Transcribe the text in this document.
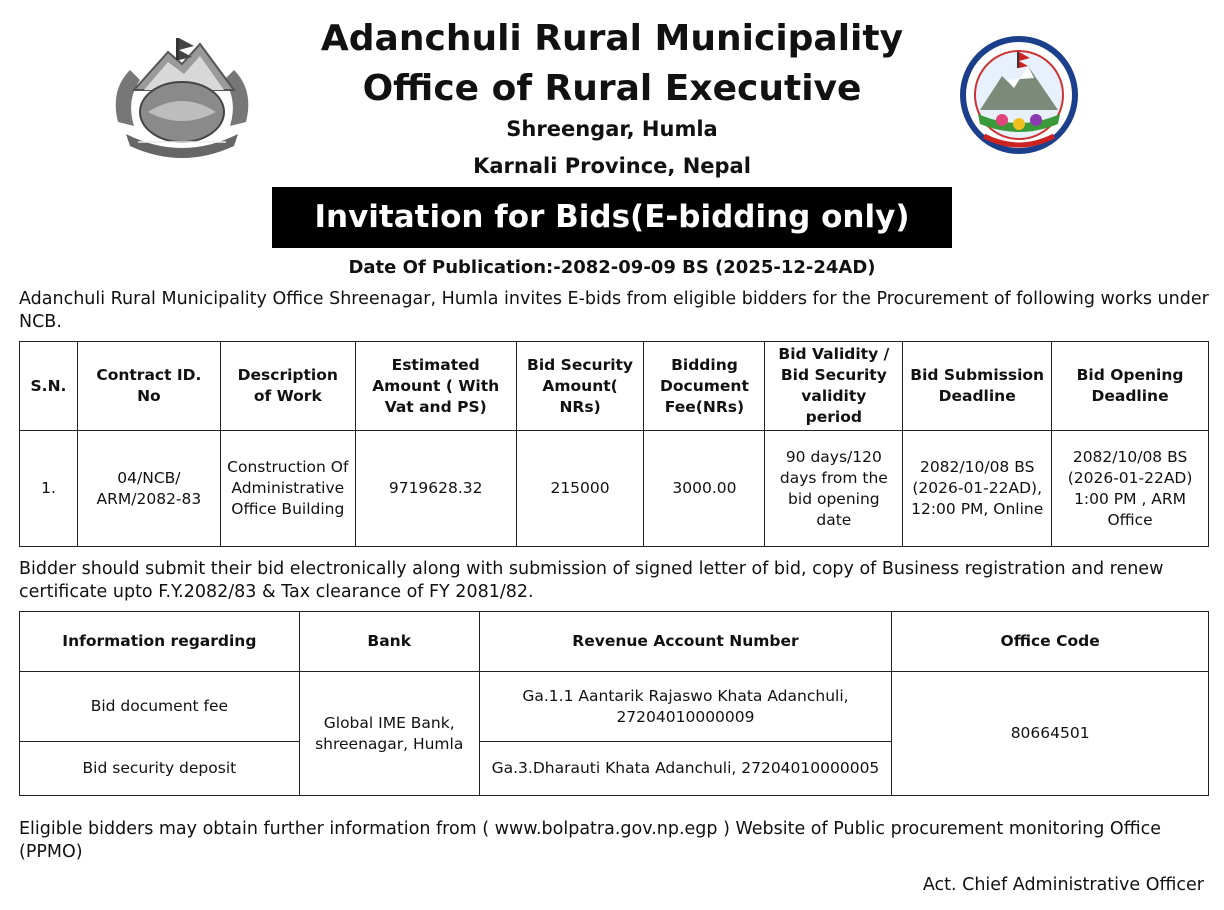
Adanchuli Rural Municipality
Office of Rural Executive
Shreengar, Humla
Karnali Province, Nepal
Invitation for Bids(E-bidding only)
Date Of Publication:-2082-09-09 BS (2025-12-24AD)
Adanchuli Rural Municipality Office Shreenagar, Humla invites E-bids from eligible bidders for the Procurement of following works under NCB.
S.N.	Contract ID. No	Description of Work	Estimated Amount ( With Vat and PS)	Bid Security Amount( NRs)	Bidding Document Fee(NRs)	Bid Validity / Bid Security validity period	Bid Submission Deadline	Bid Opening Deadline
1.	04/NCB/ ARM/2082-83	Construction Of Administrative Office Building	9719628.32	215000	3000.00	90 days/120 days from the bid opening date	2082/10/08 BS (2026-01-22AD), 12:00 PM, Online	2082/10/08 BS (2026-01-22AD) 1:00 PM , ARM Office
Bidder should submit their bid electronically along with submission of signed letter of bid, copy of Business registration and renew certificate upto F.Y.2082/83 & Tax clearance of FY 2081/82.
Information regarding	Bank	Revenue Account Number	Office Code
Bid document fee	Global IME Bank, shreenagar, Humla	Ga.1.1 Aantarik Rajaswo Khata Adanchuli, 27204010000009	80664501
Bid security deposit		Ga.3.Dharauti Khata Adanchuli, 27204010000005	
Eligible bidders may obtain further information from ( www.bolpatra.gov.np.egp ) Website of Public procurement monitoring Office (PPMO)
Act. Chief Administrative Officer
